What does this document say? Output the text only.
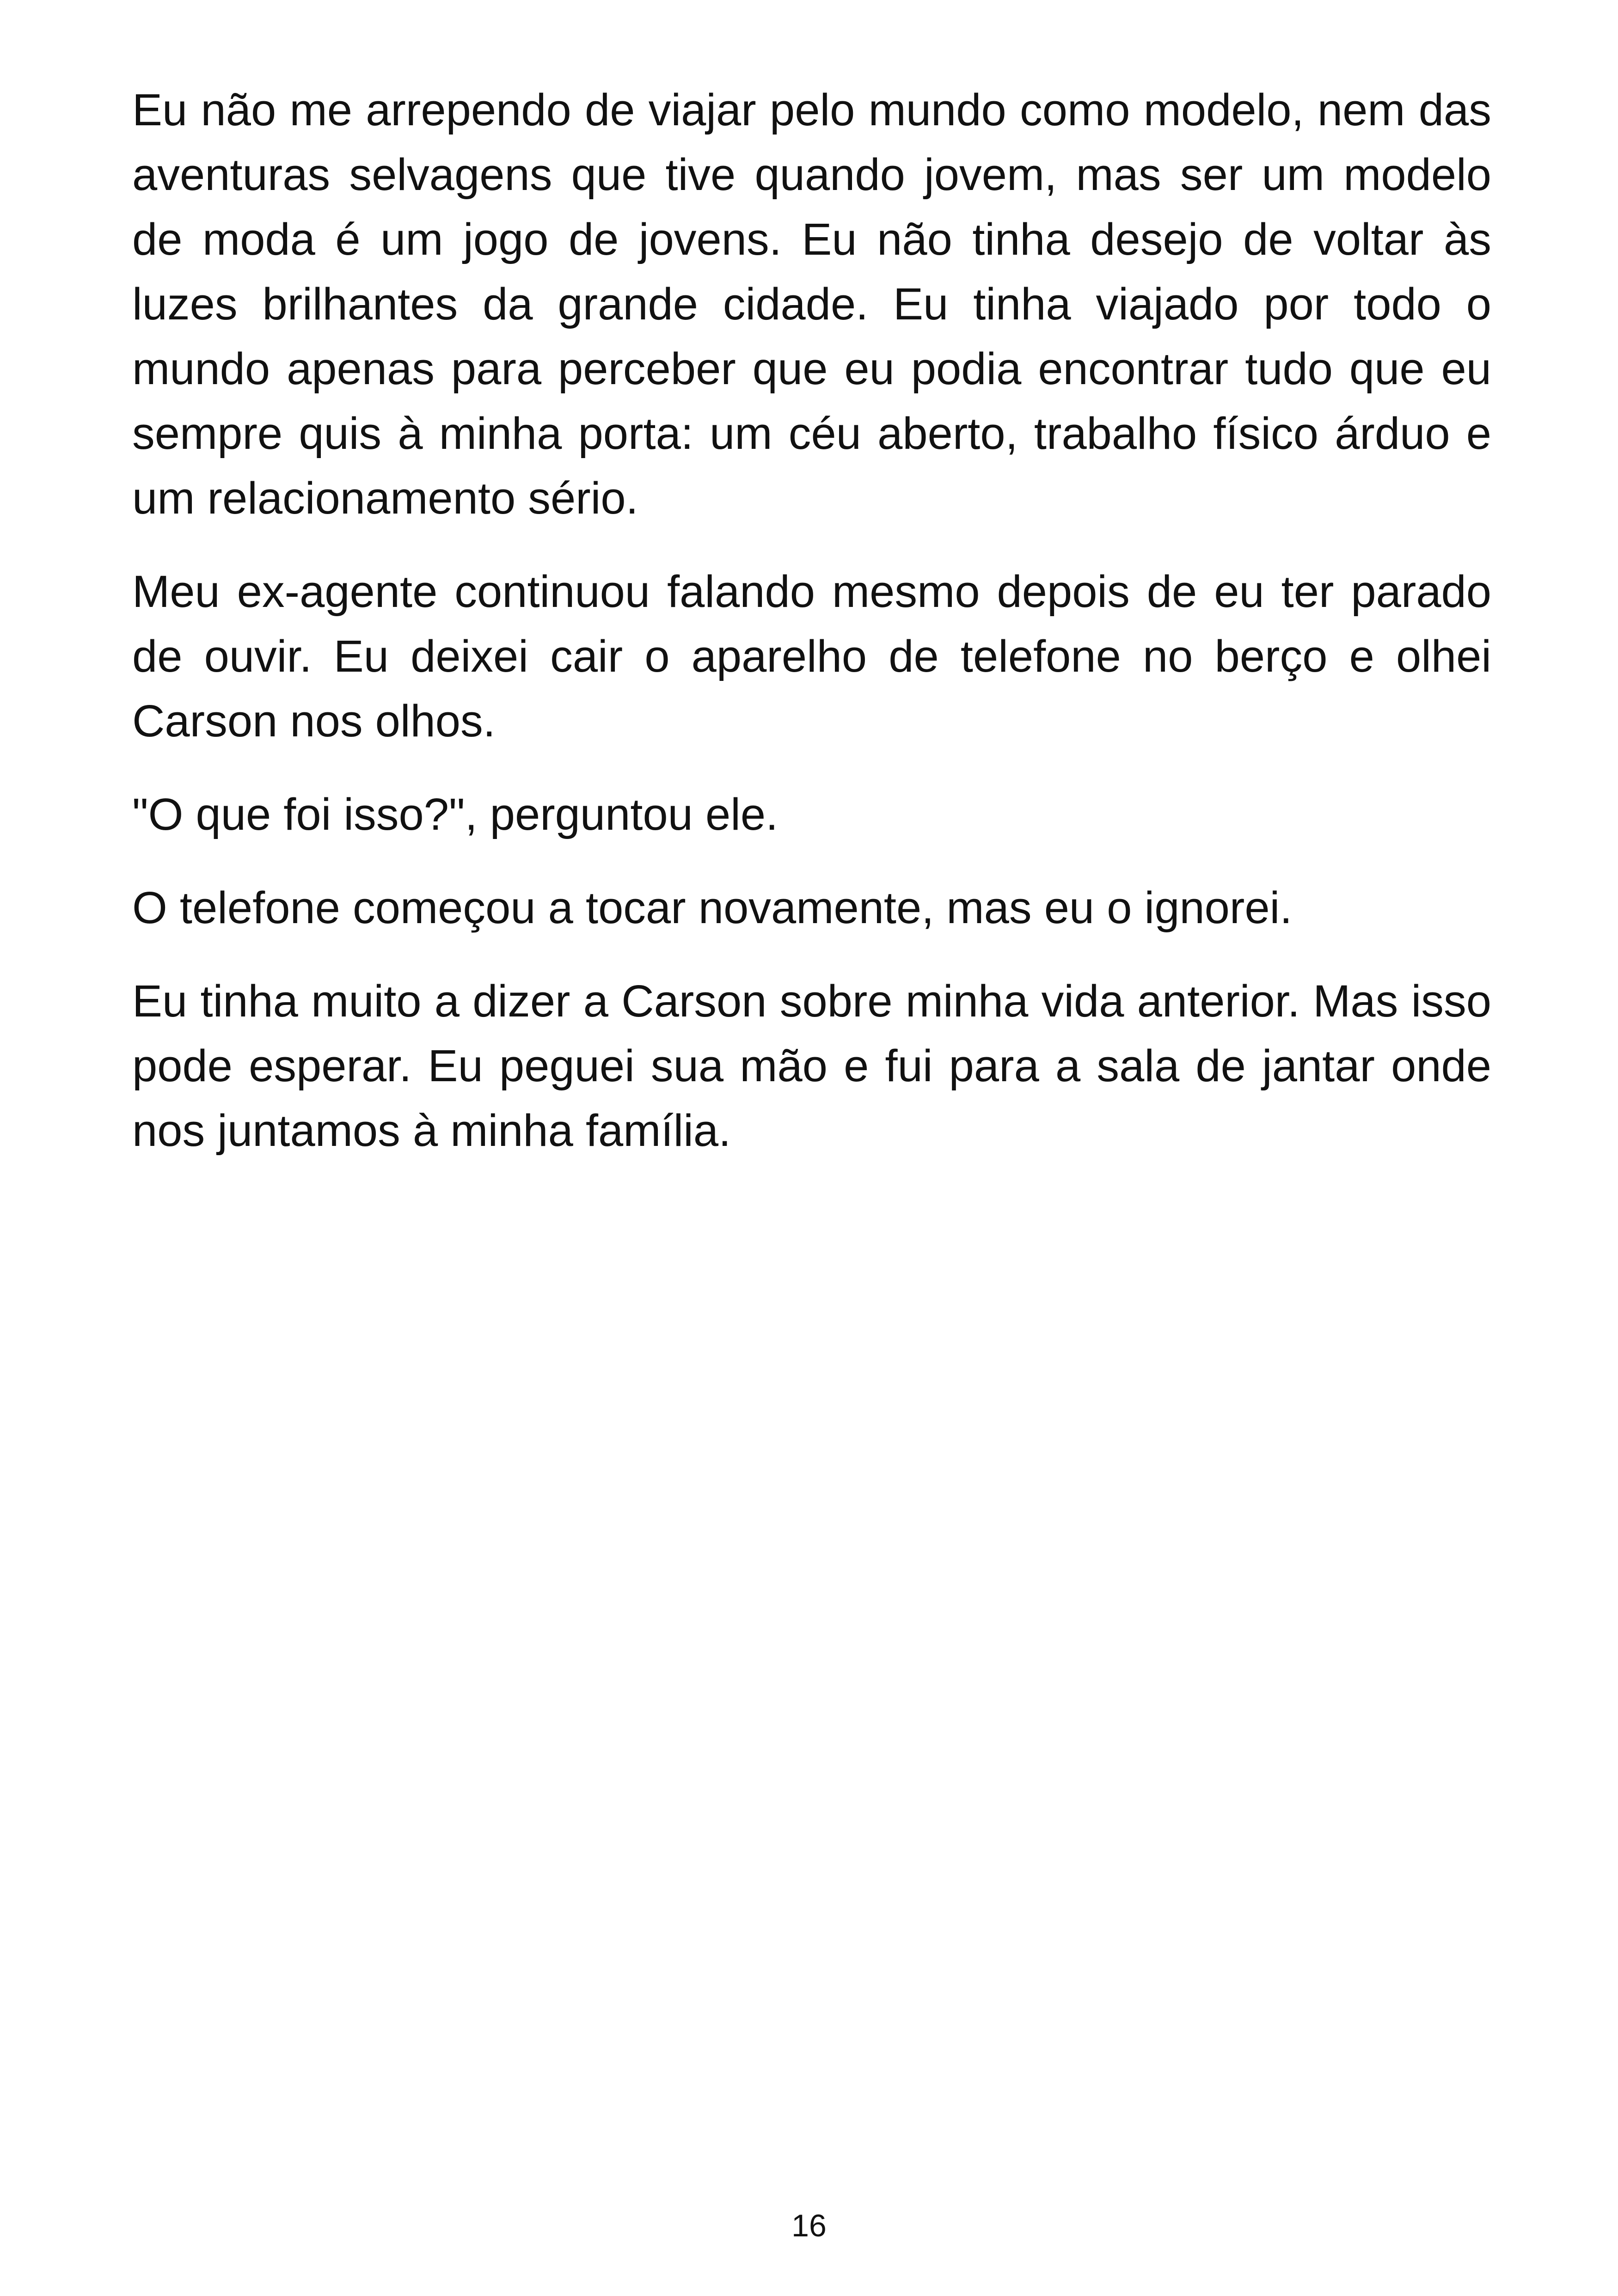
Eu não me arrependo de viajar pelo mundo como modelo, nem das aventuras selvagens que tive quando jovem, mas ser um modelo de moda é um jogo de jovens. Eu não tinha desejo de voltar às luzes brilhantes da grande cidade. Eu tinha viajado por todo o mundo apenas para perceber que eu podia encontrar tudo que eu sempre quis à minha porta: um céu aberto, trabalho físico árduo e um relacionamento sério.

Meu ex-agente continuou falando mesmo depois de eu ter parado de ouvir. Eu deixei cair o aparelho de telefone no berço e olhei Carson nos olhos.

"O que foi isso?", perguntou ele.

O telefone começou a tocar novamente, mas eu o ignorei.

Eu tinha muito a dizer a Carson sobre minha vida anterior. Mas isso pode esperar. Eu peguei sua mão e fui para a sala de jantar onde nos juntamos à minha família.

16
